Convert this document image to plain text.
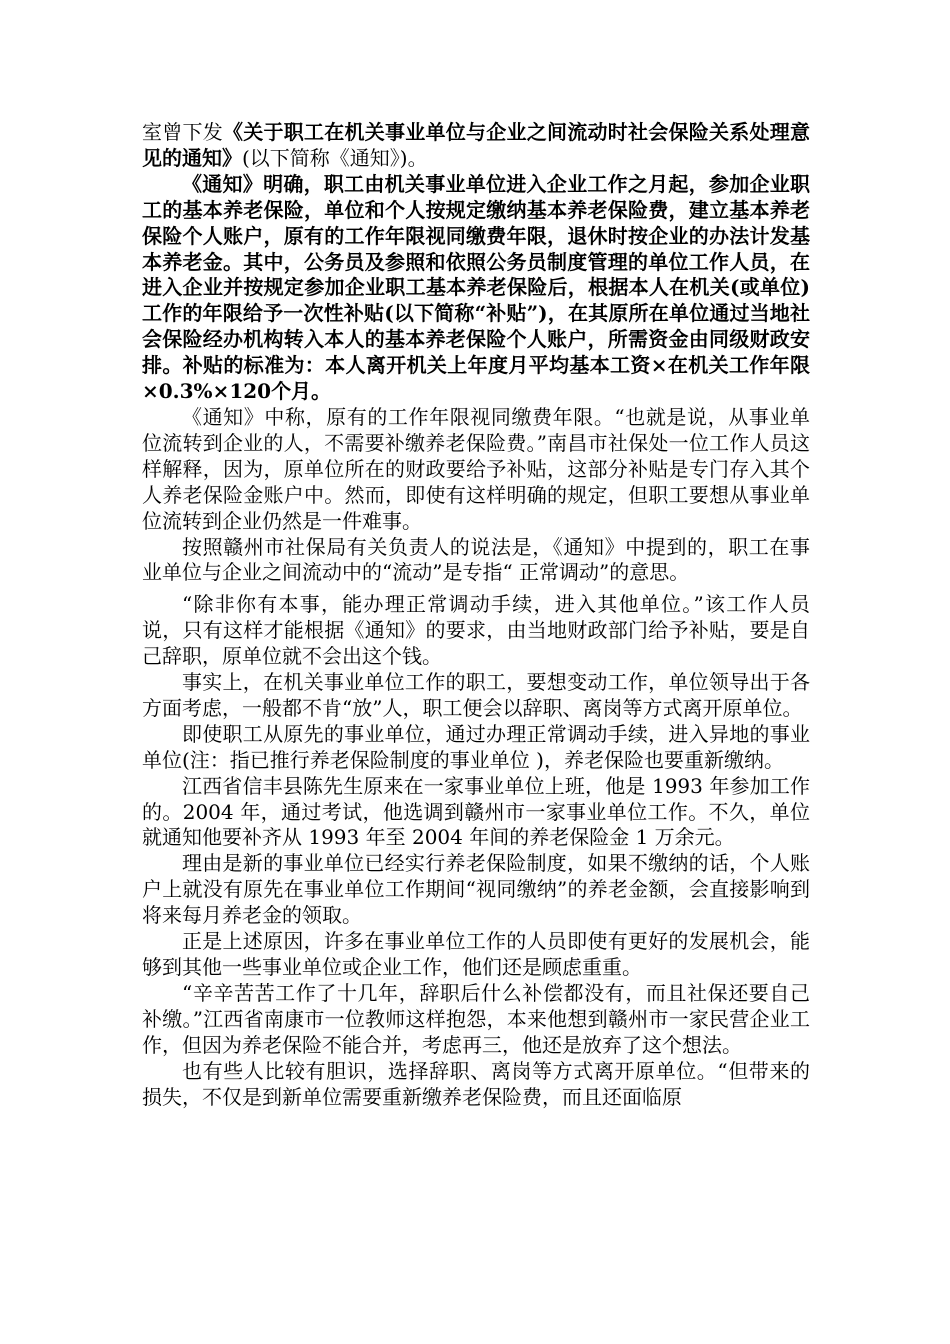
室曾下发《关于职工在机关事业单位与企业之间流动时社会保险关系处理意见的通知》(以下简称《通知》)。

《通知》明确，职工由机关事业单位进入企业工作之月起，参加企业职工的基本养老保险，单位和个人按规定缴纳基本养老保险费，建立基本养老保险个人账户，原有的工作年限视同缴费年限，退休时按企业的办法计发基本养老金。其中，公务员及参照和依照公务员制度管理的单位工作人员，在进入企业并按规定参加企业职工基本养老保险后，根据本人在机关(或单位)工作的年限给予一次性补贴(以下简称“补贴”)，在其原所在单位通过当地社会保险经办机构转入本人的基本养老保险个人账户，所需资金由同级财政安排。补贴的标准为：本人离开机关上年度月平均基本工资×在机关工作年限×0.3%×120个月。

《通知》中称，原有的工作年限视同缴费年限。“也就是说，从事业单位流转到企业的人，不需要补缴养老保险费。”南昌市社保处一位工作人员这样解释，因为，原单位所在的财政要给予补贴，这部分补贴是专门存入其个人养老保险金账户中。然而，即使有这样明确的规定，但职工要想从事业单位流转到企业仍然是一件难事。

按照赣州市社保局有关负责人的说法是，《通知》中提到的，职工在事业单位与企业之间流动中的“流动”是专指“ 正常调动”的意思。

“除非你有本事，能办理正常调动手续，进入其他单位。”该工作人员说，只有这样才能根据《通知》的要求，由当地财政部门给予补贴，要是自己辞职，原单位就不会出这个钱。

事实上，在机关事业单位工作的职工，要想变动工作，单位领导出于各方面考虑，一般都不肯“放”人，职工便会以辞职、离岗等方式离开原单位。

即使职工从原先的事业单位，通过办理正常调动手续，进入异地的事业单位(注：指已推行养老保险制度的事业单位 )，养老保险也要重新缴纳。

江西省信丰县陈先生原来在一家事业单位上班，他是 1993 年参加工作的。2004 年，通过考试，他选调到赣州市一家事业单位工作。不久，单位就通知他要补齐从 1993 年至 2004 年间的养老保险金 1 万余元。

理由是新的事业单位已经实行养老保险制度，如果不缴纳的话，个人账户上就没有原先在事业单位工作期间“视同缴纳”的养老金额，会直接影响到将来每月养老金的领取。

正是上述原因，许多在事业单位工作的人员即使有更好的发展机会，能够到其他一些事业单位或企业工作，他们还是顾虑重重。

“辛辛苦苦工作了十几年，辞职后什么补偿都没有，而且社保还要自己补缴。”江西省南康市一位教师这样抱怨，本来他想到赣州市一家民营企业工作，但因为养老保险不能合并，考虑再三，他还是放弃了这个想法。

也有些人比较有胆识，选择辞职、离岗等方式离开原单位。“但带来的损失，不仅是到新单位需要重新缴养老保险费，而且还面临原
